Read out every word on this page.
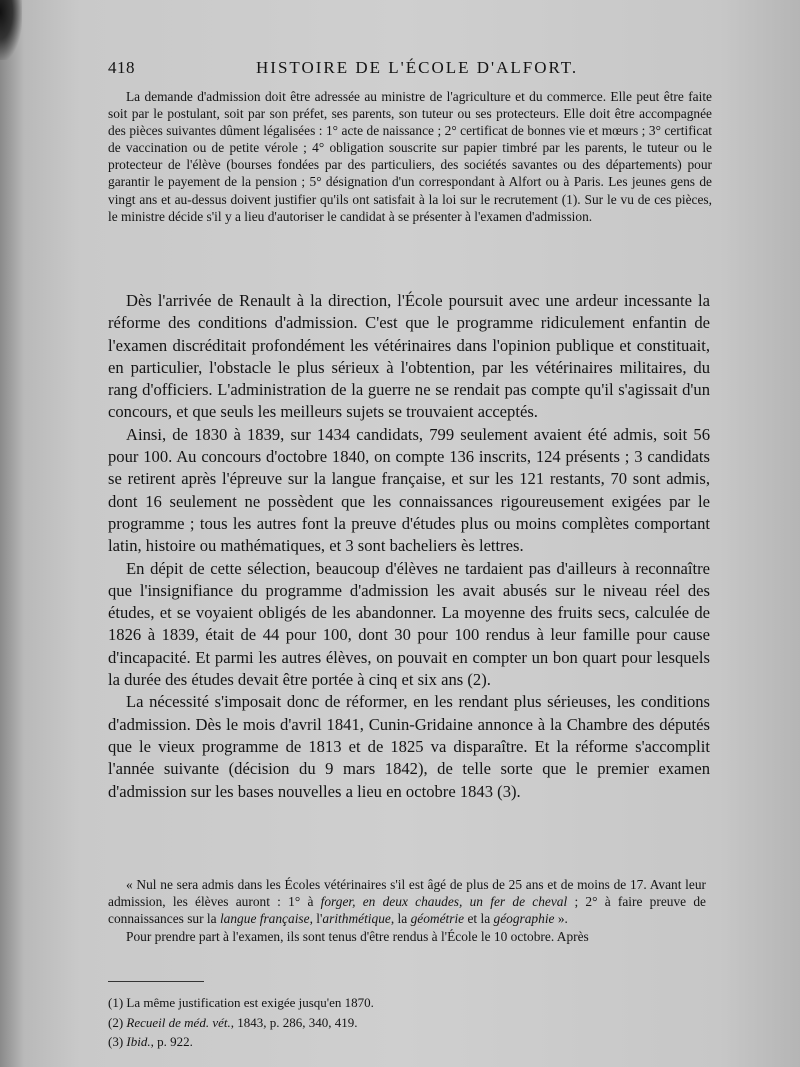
418	HISTOIRE DE L'ÉCOLE D'ALFORT.

La demande d'admission doit être adressée au ministre de l'agriculture et du commerce. Elle peut être faite soit par le postulant, soit par son préfet, ses parents, son tuteur ou ses protecteurs. Elle doit être accompagnée des pièces suivantes dûment légalisées : 1° acte de naissance ; 2° certificat de bonnes vie et mœurs ; 3° certificat de vaccination ou de petite vérole ; 4° obligation souscrite sur papier timbré par les parents, le tuteur ou le protecteur de l'élève (bourses fondées par des particuliers, des sociétés savantes ou des départements) pour garantir le payement de la pension ; 5° désignation d'un correspondant à Alfort ou à Paris. Les jeunes gens de vingt ans et au-dessus doivent justifier qu'ils ont satisfait à la loi sur le recrutement (1). Sur le vu de ces pièces, le ministre décide s'il y a lieu d'autoriser le candidat à se présenter à l'examen d'admission.

Dès l'arrivée de Renault à la direction, l'École poursuit avec une ardeur incessante la réforme des conditions d'admission. C'est que le programme ridiculement enfantin de l'examen discréditait profondément les vétérinaires dans l'opinion publique et constituait, en particulier, l'obstacle le plus sérieux à l'obtention, par les vétérinaires militaires, du rang d'officiers. L'administration de la guerre ne se rendait pas compte qu'il s'agissait d'un concours, et que seuls les meilleurs sujets se trouvaient acceptés.

Ainsi, de 1830 à 1839, sur 1434 candidats, 799 seulement avaient été admis, soit 56 pour 100. Au concours d'octobre 1840, on compte 136 inscrits, 124 présents ; 3 candidats se retirent après l'épreuve sur la langue française, et sur les 121 restants, 70 sont admis, dont 16 seulement ne possèdent que les connaissances rigoureusement exigées par le programme ; tous les autres font la preuve d'études plus ou moins complètes comportant latin, histoire ou mathématiques, et 3 sont bacheliers ès lettres.

En dépit de cette sélection, beaucoup d'élèves ne tardaient pas d'ailleurs à reconnaître que l'insignifiance du programme d'admission les avait abusés sur le niveau réel des études, et se voyaient obligés de les abandonner. La moyenne des fruits secs, calculée de 1826 à 1839, était de 44 pour 100, dont 30 pour 100 rendus à leur famille pour cause d'incapacité. Et parmi les autres élèves, on pouvait en compter un bon quart pour lesquels la durée des études devait être portée à cinq et six ans (2).

La nécessité s'imposait donc de réformer, en les rendant plus sérieuses, les conditions d'admission. Dès le mois d'avril 1841, Cunin-Gridaine annonce à la Chambre des députés que le vieux programme de 1813 et de 1825 va disparaître. Et la réforme s'accomplit l'année suivante (décision du 9 mars 1842), de telle sorte que le premier examen d'admission sur les bases nouvelles a lieu en octobre 1843 (3).

« Nul ne sera admis dans les Écoles vétérinaires s'il est âgé de plus de 25 ans et de moins de 17. Avant leur admission, les élèves auront : 1° à forger, en deux chaudes, un fer de cheval ; 2° à faire preuve de connaissances sur la langue française, l'arithmétique, la géométrie et la géographie ».

Pour prendre part à l'examen, ils sont tenus d'être rendus à l'École le 10 octobre. Après

(1) La même justification est exigée jusqu'en 1870.
(2) Recueil de méd. vét., 1843, p. 286, 340, 419.
(3) Ibid., p. 922.
